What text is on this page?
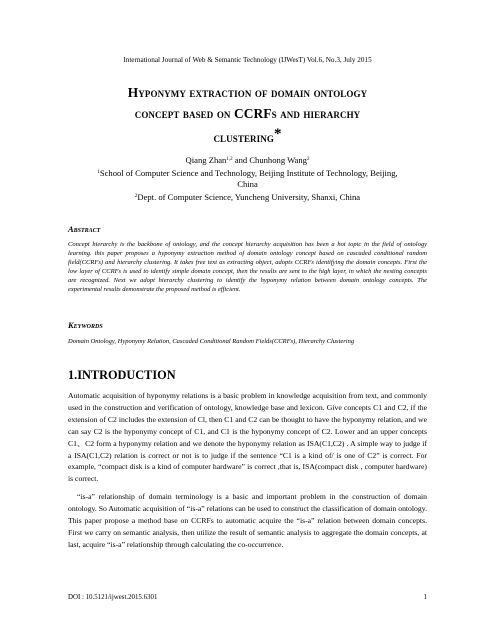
International Journal of Web & Semantic Technology (IJWesT) Vol.6, No.3, July 2015
Hyponymy extraction of domain ontology
concept based on CCRFs and hierarchy
clustering*
Qiang Zhan$^{1,2}$ and Chunhong Wang$^2$
$^1$School of Computer Science and Technology, Beijing Institute of Technology, Beijing,
China
$^2$Dept. of Computer Science, Yuncheng University, Shanxi, China
Abstract
Concept hierarchy is the backbone of ontology, and the concept hierarchy acquisition has been a hot topic in the field of ontology learning. this paper proposes a hyponymy extraction method of domain ontology concept based on cascaded conditional random field(CCRFs) and hierarchy clustering. It takes free text as extracting object, adopts CCRFs identifying the domain concepts. First the low layer of CCRFs is used to identify simple domain concept, then the results are sent to the high layer, in which the nesting concepts are recognized. Next we adopt hierarchy clustering to identify the hyponymy relation between domain ontology concepts. The experimental results demonstrate the proposed method is efficient.
Keywords
Domain Ontology, Hyponymy Relation, Cascaded Conditional Random Fields(CCRFs), Hierarchy Clustering
1.INTRODUCTION

Automatic acquisition of hyponymy relations is a basic problem in knowledge acquisition from text, and commonly used in the construction and verification of ontology, knowledge base and lexicon. Give concepts C1 and C2, if the extension of C2 includes the extension of Cl, then C1 and C2 can be thought to have the hyponymy relation, and we can say C2 is the hyponymy concept of C1, and C1 is the hyponymy concept of C2. Lower and an upper concepts C1、C2 form a hyponymy relation and we denote the hyponymy relation as ISA(C1,C2) . A simple way to judge if a ISA(C1,C2) relation is correct or not is to judge if the sentence “C1 is a kind of/ is one of C2” is correct. For example, “compact disk is a kind of computer hardware” is correct ,that is, ISA(compact disk , computer hardware) is correct.

“is-a” relationship of domain terminology is a basic and important problem in the construction of domain ontology. So Automatic acquisition of “is-a” relations can be used to construct the classification of domain ontology. This paper propose a method base on CCRFs to automatic acquire the “is-a” relation between domain concepts. First we carry on semantic analysis, then utilize the result of semantic analysis to aggregate the domain concepts, at last, acquire “is-a” relationship through calculating the co-occurrence.

DOI : 10.5121/ijwest.2015.6301	1
